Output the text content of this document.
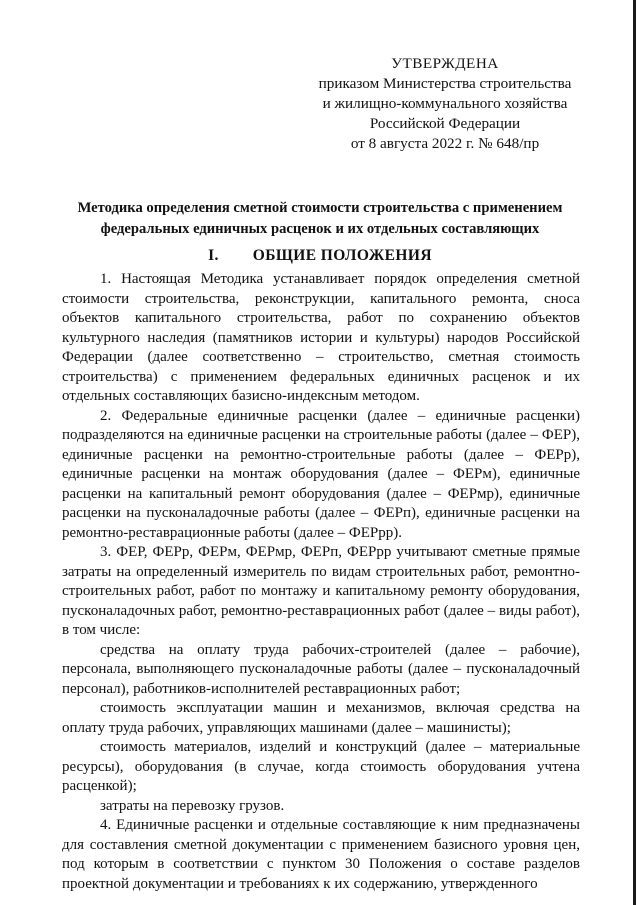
УТВЕРЖДЕНА
приказом Министерства строительства
и жилищно-коммунального хозяйства
Российской Федерации
от 8 августа 2022 г. № 648/пр
Методика определения сметной стоимости строительства с применением
федеральных единичных расценок и их отдельных составляющих
I. ОБЩИЕ ПОЛОЖЕНИЯ

1. Настоящая Методика устанавливает порядок определения сметной стоимости строительства, реконструкции, капитального ремонта, сноса объектов капитального строительства, работ по сохранению объектов культурного наследия (памятников истории и культуры) народов Российской Федерации (далее соответственно – строительство, сметная стоимость строительства) с применением федеральных единичных расценок и их отдельных составляющих базисно-индексным методом.

2. Федеральные единичные расценки (далее – единичные расценки) подразделяются на единичные расценки на строительные работы (далее – ФЕР), единичные расценки на ремонтно-строительные работы (далее – ФЕРр), единичные расценки на монтаж оборудования (далее – ФЕРм), единичные расценки на капитальный ремонт оборудования (далее – ФЕРмр), единичные расценки на пусконаладочные работы (далее – ФЕРп), единичные расценки на ремонтно-реставрационные работы (далее – ФЕРрр).

3. ФЕР, ФЕРр, ФЕРм, ФЕРмр, ФЕРп, ФЕРрр учитывают сметные прямые затраты на определенный измеритель по видам строительных работ, ремонтно-строительных работ, работ по монтажу и капитальному ремонту оборудования, пусконаладочных работ, ремонтно-реставрационных работ (далее – виды работ), в том числе:

средства на оплату труда рабочих-строителей (далее – рабочие), персонала, выполняющего пусконаладочные работы (далее – пусконаладочный персонал), работников-исполнителей реставрационных работ;

стоимость эксплуатации машин и механизмов, включая средства на оплату труда рабочих, управляющих машинами (далее – машинисты);

стоимость материалов, изделий и конструкций (далее – материальные ресурсы), оборудования (в случае, когда стоимость оборудования учтена расценкой);

затраты на перевозку грузов.

4. Единичные расценки и отдельные составляющие к ним предназначены для составления сметной документации с применением базисного уровня цен, под которым в соответствии с пунктом 30 Положения о составе разделов проектной документации и требованиях к их содержанию, утвержденного
